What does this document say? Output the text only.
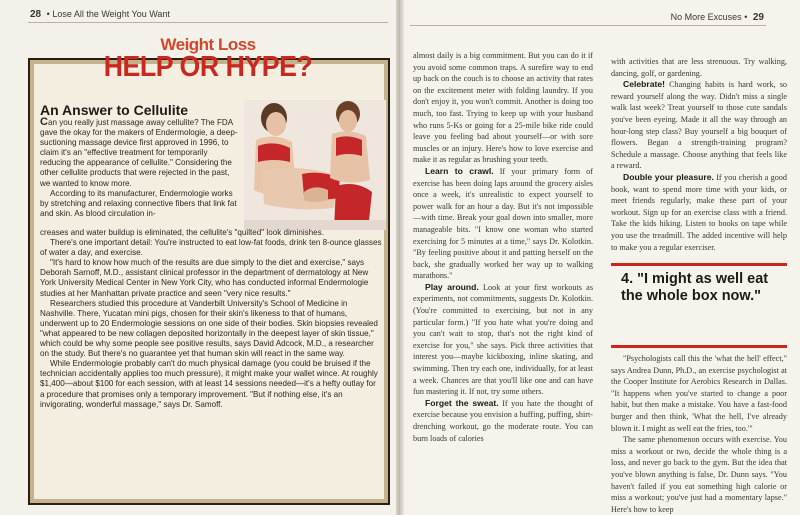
28 • Lose All the Weight You Want	No More Excuses • 29
Weight Loss
HELP OR HYPE?
An Answer to Cellulite

Can you really just massage away cellulite? The FDA gave the okay for the makers of Endermologie, a deep-suctioning massage device first approved in 1996, to claim it's an "effective treatment for temporarily reducing the appearance of cellulite." Considering the other cellulite products that were rejected in the past, we wanted to know more.

According to its manufacturer, Endermologie works by stretching and relaxing connective fibers that link fat and skin. As blood circulation in-

creases and water buildup is eliminated, the cellulite's "quilted" look diminishes.

There's one important detail: You're instructed to eat low-fat foods, drink ten 8-ounce glasses of water a day, and exercise.

"It's hard to know how much of the results are due simply to the diet and exercise," says Deborah Sarnoff, M.D., assistant clinical professor in the department of dermatology at New York University Medical Center in New York City, who has conducted informal Endermologie studies at her Manhattan private practice and seen "very nice results."

Researchers studied this procedure at Vanderbilt University's School of Medicine in Nashville. There, Yucatan mini pigs, chosen for their skin's likeness to that of humans, underwent up to 20 Endermologie sessions on one side of their bodies. Skin biopsies revealed "what appeared to be new collagen deposited horizontally in the deepest layer of skin tissue," which could be why some people see positive results, says David Adcock, M.D., a researcher on the study. But there's no guarantee yet that human skin will react in the same way.

While Endermologie probably can't do much physical damage (you could be bruised if the technician accidentally applies too much pressure), it might make your wallet wince. At roughly $1,400—about $100 for each session, with at least 14 sessions needed—it's a hefty outlay for a procedure that promises only a temporary improvement. "But if nothing else, it's an invigorating, wonderful massage," says Dr. Samoff.

almost daily is a big commitment. But you can do it if you avoid some common traps. A surefire way to end up back on the couch is to choose an activity that rates on the excitement meter with folding laundry. If you don't enjoy it, you won't commit. Another is doing too much, too fast. Trying to keep up with your husband who runs 5-Ks or going for a 25-mile bike ride could leave you feeling bad about yourself—or with sore muscles or an injury. Here's how to love exercise and make it as regular as brushing your teeth.

Learn to crawl. If your primary form of exercise has been doing laps around the grocery aisles once a week, it's unrealistic to expect yourself to power walk for an hour a day. But it's not impossible—with time. Break your goal down into smaller, more manageable bits. "I know one woman who started exercising for 5 minutes at a time," says Dr. Kolotkin. "By feeling positive about it and patting herself on the back, she gradually worked her way up to walking marathons."

Play around. Look at your first workouts as experiments, not commitments, suggests Dr. Kolotkin. (You're committed to exercising, but not in any particular form.) "If you hate what you're doing and you can't wait to stop, that's not the right kind of exercise for you," she says. Pick three activities that interest you—maybe kickboxing, inline skating, and swimming. Then try each one, individually, for at least a week. Chances are that you'll like one and can have fun mastering it. If not, try some others.

Forget the sweat. If you hate the thought of exercise because you envision a huffing, puffing, shirt-drenching workout, go the moderate route. You can burn loads of calories

with activities that are less strenuous. Try walking, dancing, golf, or gardening.

Celebrate! Changing habits is hard work, so reward yourself along the way. Didn't miss a single walk last week? Treat yourself to those cute sandals you've been eyeing. Made it all the way through an hour-long step class? Buy yourself a big bouquet of flowers. Began a strength-training program? Schedule a massage. Choose anything that feels like a reward.

Double your pleasure. If you cherish a good book, want to spend more time with your kids, or meet friends regularly, make these part of your workout. Sign up for an exercise class with a friend. Take the kids hiking. Listen to books on tape while you use the treadmill. The added incentive will help to make you a regular exerciser.

4. "I might as well eat the whole box now."

"Psychologists call this the 'what the hell' effect," says Andrea Dunn, Ph.D., an exercise psychologist at the Cooper Institute for Aerobics Research in Dallas. "It happens when you've started to change a poor habit, but then make a mistake. You have a fast-food burger and then think, 'What the hell, I've already blown it. I might as well eat the fries, too.'"

The same phenomenon occurs with exercise. You miss a workout or two, decide the whole thing is a loss, and never go back to the gym. But the idea that you've blown anything is false, Dr. Dunn says. "You haven't failed if you eat something high calorie or miss a workout; you've just had a momentary lapse." Here's how to keep
